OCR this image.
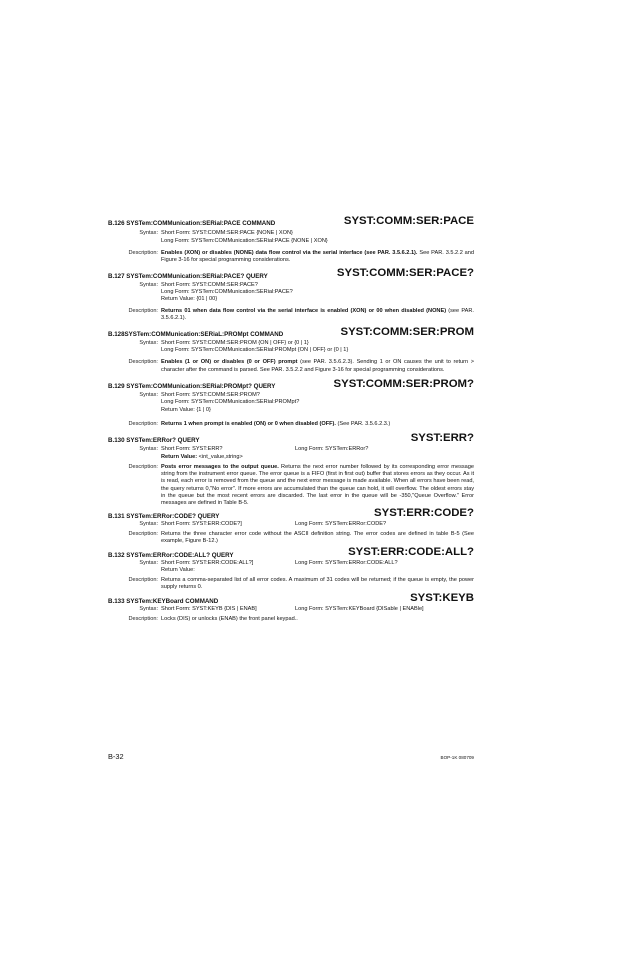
B.126 SYSTem:COMMunication:SERial:PACE COMMAND	SYST:COMM:SER:PACE
Syntax: Short Form: SYST:COMM:SER:PACE {NONE | XON}
Long Form: SYSTem:COMMunication:SERial:PACE {NONE | XON}
Description: Enables (XON) or disables (NONE) data flow control via the serial interface (see PAR. 3.5.6.2.1). See PAR. 3.5.2.2 and Figure 3-16 for special programming considerations.
B.127 SYSTem:COMMunication:SERial:PACE? QUERY	SYST:COMM:SER:PACE?
Syntax: Short Form: SYST:COMM:SER:PACE?
Long Form: SYSTem:COMMunication:SERial:PACE?
Return Value: {01 | 00}
Description: Returns 01 when data flow control via the serial interface is enabled (XON) or 00 when disabled (NONE) (see PAR. 3.5.6.2.1).
B.128SYSTem:COMMunication:SERiaL:PROMpt COMMAND	SYST:COMM:SER:PROM
Syntax: Short Form: SYST:COMM:SER:PROM {ON | OFF} or {0 | 1}
Long Form: SYSTem:COMMunication:SERial:PROMpt {ON | OFF} or {0 | 1}
Description: Enables (1 or ON) or disables (0 or OFF) prompt (see PAR. 3.5.6.2.3). Sending 1 or ON causes the unit to return > character after the command is parsed. See PAR. 3.5.2.2 and Figure 3-16 for special programming considerations.
B.129 SYSTem:COMMunication:SERial:PROMpt? QUERY	SYST:COMM:SER:PROM?
Syntax: Short Form: SYST:COMM:SER:PROM?
Long Form: SYSTem:COMMunication:SERial:PROMpt?
Return Value: {1 | 0}
Description: Returns 1 when prompt is enabled (ON) or 0 when disabled (OFF). (See PAR. 3.5.6.2.3.)
B.130 SYSTem:ERRor? QUERY	SYST:ERR?
Syntax: Short Form: SYST:ERR?	Long Form: SYSTem:ERRor?
Return Value: <int_value,string>
Description: Posts error messages to the output queue. Returns the next error number followed by its corresponding error message string from the instrument error queue. The error queue is a FIFO (first in first out) buffer that stores errors as they occur. As it is read, each error is removed from the queue and the next error message is made available. When all errors have been read, the query returns 0,"No error". If more errors are accumulated than the queue can hold, it will overflow. The oldest errors stay in the queue but the most recent errors are discarded. The last error in the queue will be -350,"Queue Overflow." Error messages are defined in Table B-5.
B.131 SYSTem:ERRor:CODE? QUERY	SYST:ERR:CODE?
Syntax: Short Form: SYST:ERR:CODE?]	Long Form: SYSTem:ERRor:CODE?
Description: Returns the three character error code without the ASCII definition string. The error codes are defined in table B-5 (See example, Figure B-12.)
B.132 SYSTem:ERRor:CODE:ALL? QUERY	SYST:ERR:CODE:ALL?
Syntax: Short Form: SYST:ERR:CODE:ALL?]	Long Form: SYSTem:ERRor:CODE:ALL?
Return Value:
Description: Returns a comma-separated list of all error codes. A maximum of 31 codes will be returned; if the queue is empty, the power supply returns 0.
B.133 SYSTem:KEYBoard COMMAND	SYST:KEYB
Syntax: Short Form: SYST:KEYB {DIS | ENAB]	Long Form: SYSTem:KEYBoard {DISable | ENABle]
Description: Locks (DIS) or unlocks (ENAB) the front panel keypad..
B-32	BOP-1K 080709
